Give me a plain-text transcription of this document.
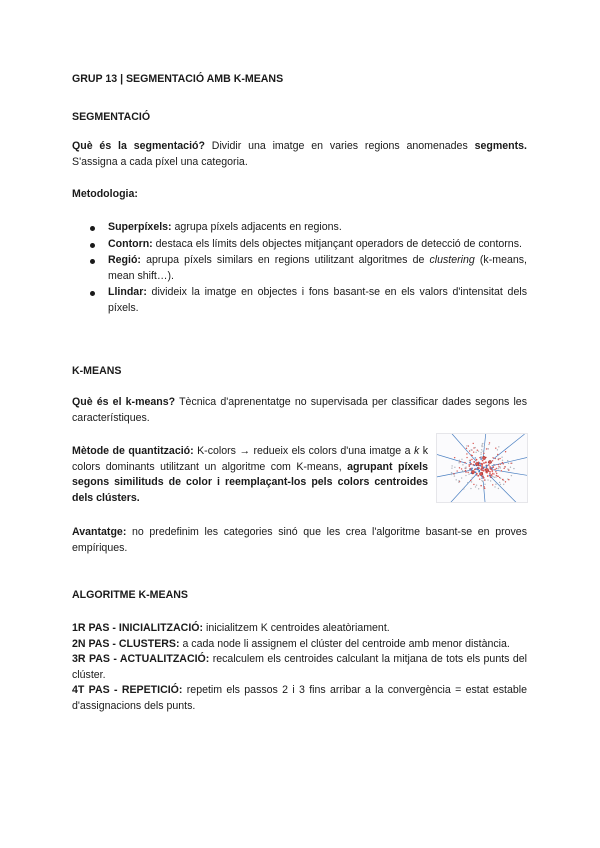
GRUP 13 | SEGMENTACIÓ AMB K-MEANS
SEGMENTACIÓ
Què és la segmentació? Dividir una imatge en varies regions anomenades segments. S'assigna a cada píxel una categoria.
Metodologia:
Superpíxels: agrupa píxels adjacents en regions.
Contorn: destaca els límits dels objectes mitjançant operadors de detecció de contorns.
Regió: aprupa píxels similars en regions utilitzant algoritmes de clustering (k-means, mean shift…).
Llindar: divideix la imatge en objectes i fons basant-se en els valors d'intensitat dels píxels.
K-MEANS
Què és el k-means? Tècnica d'aprenentatge no supervisada per classificar dades segons les característiques.
Mètode de quantització: K-colors → redueix els colors d'una imatge a k k colors dominants utilitzant un algoritme com K-means, agrupant píxels segons similituds de color i reemplaçant-los pels colors centroides dels clústers.
Avantatge: no predefinim les categories sinó que les crea l'algoritme basant-se en proves empíriques.
ALGORITME K-MEANS
1R PAS - INICIALITZACIÓ: inicialitzem K centroides aleatòriament.
2N PAS - CLUSTERS: a cada node li assignem el clúster del centroide amb menor distància.
3R PAS - ACTUALITZACIÓ: recalculem els centroides calculant la mitjana de tots els punts del clúster.
4T PAS - REPETICIÓ: repetim els passos 2 i 3 fins arribar a la convergència = estat estable d'assignacions dels punts.
